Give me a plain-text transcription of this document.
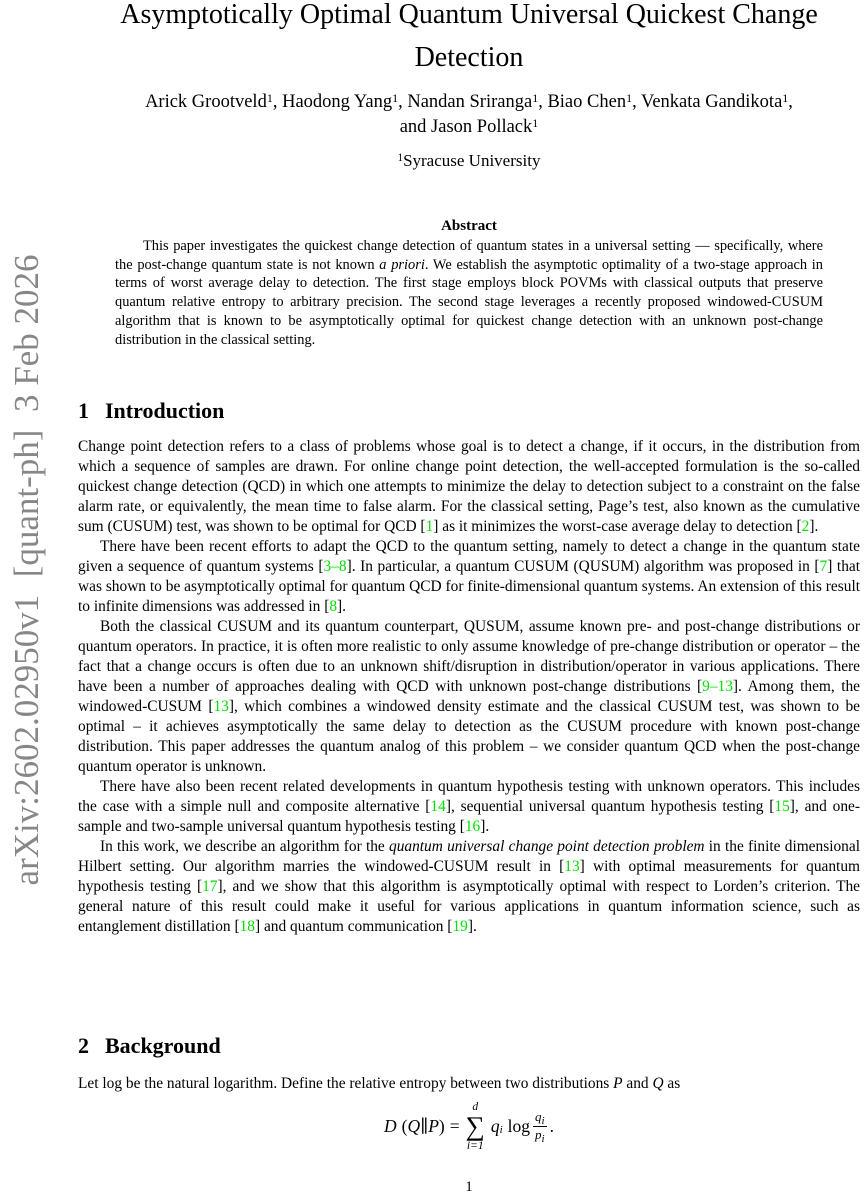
arXiv:2602.02950v1  [quant-ph]  3 Feb 2026
Asymptotically Optimal Quantum Universal Quickest Change
Detection
Arick Grootveld$^1$, Haodong Yang$^1$, Nandan Sriranga$^1$, Biao Chen$^1$, Venkata Gandikota$^1$,
and Jason Pollack$^1$
$^1$Syracuse University
Abstract
This paper investigates the quickest change detection of quantum states in a universal setting — specifically, where the post-change quantum state is not known a priori. We establish the asymptotic optimality of a two-stage approach in terms of worst average delay to detection. The first stage employs block POVMs with classical outputs that preserve quantum relative entropy to arbitrary precision. The second stage leverages a recently proposed windowed-CUSUM algorithm that is known to be asymptotically optimal for quickest change detection with an unknown post-change distribution in the classical setting.
1 Introduction

Change point detection refers to a class of problems whose goal is to detect a change, if it occurs, in the distribution from which a sequence of samples are drawn. For online change point detection, the well-accepted formulation is the so-called quickest change detection (QCD) in which one attempts to minimize the delay to detection subject to a constraint on the false alarm rate, or equivalently, the mean time to false alarm. For the classical setting, Page’s test, also known as the cumulative sum (CUSUM) test, was shown to be optimal for QCD [1] as it minimizes the worst-case average delay to detection [2].

There have been recent efforts to adapt the QCD to the quantum setting, namely to detect a change in the quantum state given a sequence of quantum systems [3–8]. In particular, a quantum CUSUM (QUSUM) algorithm was proposed in [7] that was shown to be asymptotically optimal for quantum QCD for finite-dimensional quantum systems. An extension of this result to infinite dimensions was addressed in [8].

Both the classical CUSUM and its quantum counterpart, QUSUM, assume known pre- and post-change distributions or quantum operators. In practice, it is often more realistic to only assume knowledge of pre-change distribution or operator – the fact that a change occurs is often due to an unknown shift/disruption in distribution/operator in various applications. There have been a number of approaches dealing with QCD with unknown post-change distributions [9–13]. Among them, the windowed-CUSUM [13], which combines a windowed density estimate and the classical CUSUM test, was shown to be optimal – it achieves asymptotically the same delay to detection as the CUSUM procedure with known post-change distribution. This paper addresses the quantum analog of this problem – we consider quantum QCD when the post-change quantum operator is unknown.

There have also been recent related developments in quantum hypothesis testing with unknown operators. This includes the case with a simple null and composite alternative [14], sequential universal quantum hypothesis testing [15], and one-sample and two-sample universal quantum hypothesis testing [16].

In this work, we describe an algorithm for the quantum universal change point detection problem in the finite dimensional Hilbert setting. Our algorithm marries the windowed-CUSUM result in [13] with optimal measurements for quantum hypothesis testing [17], and we show that this algorithm is asymptotically optimal with respect to Lorden’s criterion. The general nature of this result could make it useful for various applications in quantum information science, such as entanglement distillation [18] and quantum communication [19].

2 Background

Let log be the natural logarithm. Define the relative entropy between two distributions P and Q as

D ( Q ∥ P ) =
d
∑
i=1
q i $\log \frac{q_i}{p_i}$ .
1
